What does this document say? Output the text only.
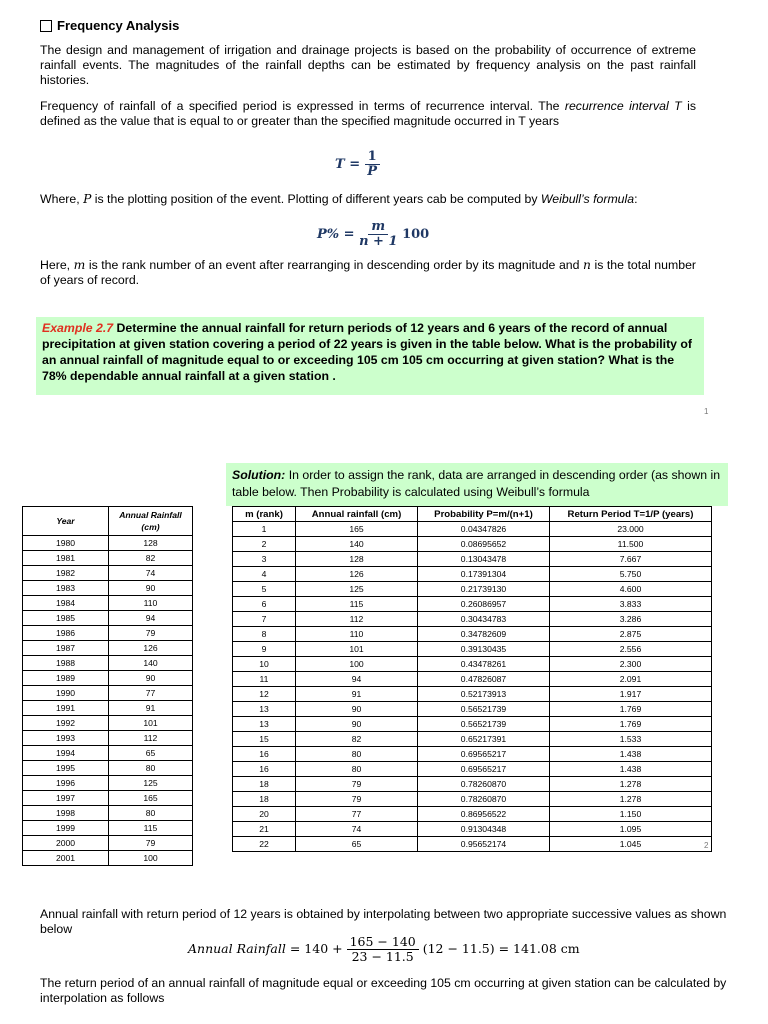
Frequency Analysis
The design and management of irrigation and drainage projects is based on the probability of occurrence of extreme rainfall events. The magnitudes of the rainfall depths can be estimated by frequency analysis on the past rainfall histories.
Frequency of rainfall of a specified period is expressed in terms of recurrence interval. The recurrence interval T is defined as the value that is equal to or greater than the specified magnitude occurred in T years
$T = \frac{1}{P}$
Where, P is the plotting position of the event. Plotting of different years cab be computed by Weibull’s formula:
$P\% = \frac{m}{n + 1} 100$
Here, m is the rank number of an event after rearranging in descending order by its magnitude and n is the total number of years of record.
Example 2.7 Determine the annual rainfall for return periods of 12 years and 6 years of the record of annual precipitation at given station covering a period of 22 years is given in the table below. What is the probability of an annual rainfall of magnitude equal to or exceeding 105 cm 105 cm occurring at given station? What is the 78% dependable annual rainfall at a given station .
1
Solution: In order to assign the rank, data are arranged in descending order (as shown in table below. Then Probability is calculated using Weibull’s formula
Year	Annual Rainfall (cm)
1980	128
1981	82
1982	74
1983	90
1984	110
1985	94
1986	79
1987	126
1988	140
1989	90
1990	77
1991	91
1992	101
1993	112
1994	65
1995	80
1996	125
1997	165
1998	80
1999	115
2000	79
2001	100
m (rank)	Annual rainfall (cm)	Probability P=m/(n+1)	Return Period T=1/P (years)
1	165	0.04347826	23.000
2	140	0.08695652	11.500
3	128	0.13043478	7.667
4	126	0.17391304	5.750
5	125	0.21739130	4.600
6	115	0.26086957	3.833
7	112	0.30434783	3.286
8	110	0.34782609	2.875
9	101	0.39130435	2.556
10	100	0.43478261	2.300
11	94	0.47826087	2.091
12	91	0.52173913	1.917
13	90	0.56521739	1.769
13	90	0.56521739	1.769
15	82	0.65217391	1.533
16	80	0.69565217	1.438
16	80	0.69565217	1.438
18	79	0.78260870	1.278
18	79	0.78260870	1.278
20	77	0.86956522	1.150
21	74	0.91304348	1.095
22	65	0.95652174	1.045	2
Annual rainfall with return period of 12 years is obtained by interpolating between two appropriate successive values as shown below
Annual Rainfall = $140 + \frac{165 - 140}{23 - 11.5} (12 - 11.5) = 141.08$ cm
The return period of an annual rainfall of magnitude equal or exceeding 105 cm occurring at given station can be calculated by interpolation as follows
